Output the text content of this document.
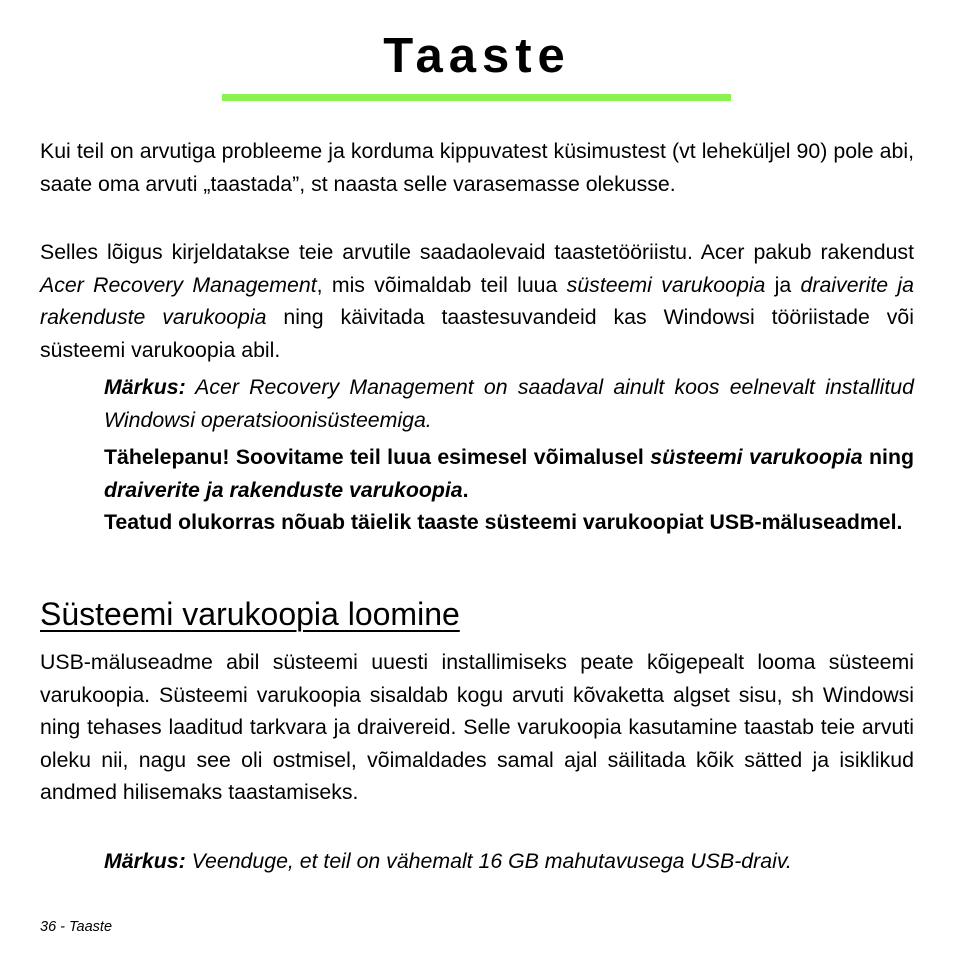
Taaste

Kui teil on arvutiga probleeme ja korduma kippuvatest küsimustest (vt leheküljel 90) pole abi, saate oma arvuti „taastada”, st naasta selle varasemasse olekusse.

Selles lõigus kirjeldatakse teie arvutile saadaolevaid taastetööriistu. Acer pakub rakendust Acer Recovery Management, mis võimaldab teil luua süsteemi varukoopia ja draiverite ja rakenduste varukoopia ning käivitada taastesuvandeid kas Windowsi tööriistade või süsteemi varukoopia abil.

Märkus: Acer Recovery Management on saadaval ainult koos eelnevalt installitud Windowsi operatsioonisüsteemiga.

Tähelepanu! Soovitame teil luua esimesel võimalusel süsteemi varukoopia ning draiverite ja rakenduste varukoopia.

Teatud olukorras nõuab täielik taaste süsteemi varukoopiat USB-mäluseadmel.

Süsteemi varukoopia loomine

USB-mäluseadme abil süsteemi uuesti installimiseks peate kõigepealt looma süsteemi varukoopia. Süsteemi varukoopia sisaldab kogu arvuti kõvaketta algset sisu, sh Windowsi ning tehases laaditud tarkvara ja draivereid. Selle varukoopia kasutamine taastab teie arvuti oleku nii, nagu see oli ostmisel, võimaldades samal ajal säilitada kõik sätted ja isiklikud andmed hilisemaks taastamiseks.

Märkus: Veenduge, et teil on vähemalt 16 GB mahutavusega USB-draiv.

36 - Taaste
